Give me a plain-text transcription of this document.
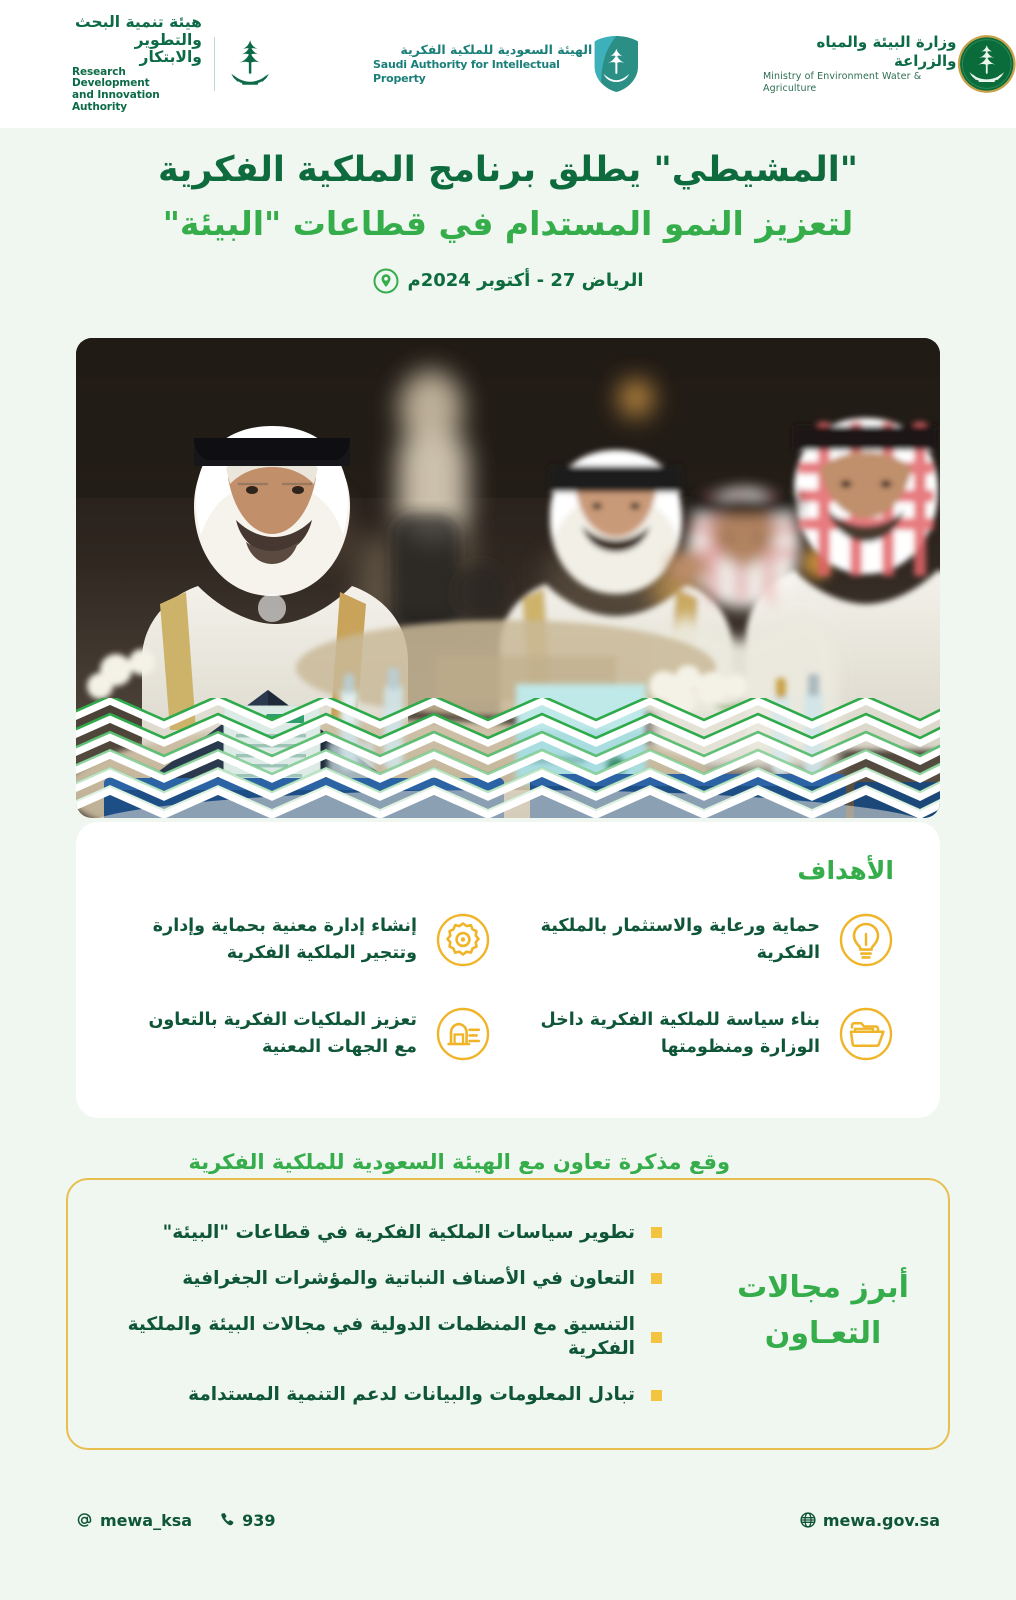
هيئة تنمية البحث
والتطوير والابتكار
Research Development
and Innovation Authority
الهيئة السعودية للملكية الفكرية
Saudi Authority for Intellectual Property
وزارة البيئة والمياه والزراعة
Ministry of Environment Water & Agriculture
"المشيطي" يطلق برنامج الملكية الفكرية
لتعزيز النمو المستدام في قطاعات "البيئة"
الرياض 27 - أكتوبر 2024م
الأهداف
حماية ورعاية والاستثمار بالملكية الفكرية
إنشاء إدارة معنية بحماية وإدارة وتتجير الملكية الفكرية
بناء سياسة للملكية الفكرية داخل الوزارة ومنظومتها
تعزيز الملكيات الفكرية بالتعاون مع الجهات المعنية
وقع مذكرة تعاون مع الهيئة السعودية للملكية الفكرية
أبرز مجالات
التعـاون
تطوير سياسات الملكية الفكرية في قطاعات "البيئة"
التعاون في الأصناف النباتية والمؤشرات الجغرافية
التنسيق مع المنظمات الدولية في مجالات البيئة والملكية الفكرية
تبادل المعلومات والبيانات لدعم التنمية المستدامة
mewa_ksa	939	mewa.gov.sa
